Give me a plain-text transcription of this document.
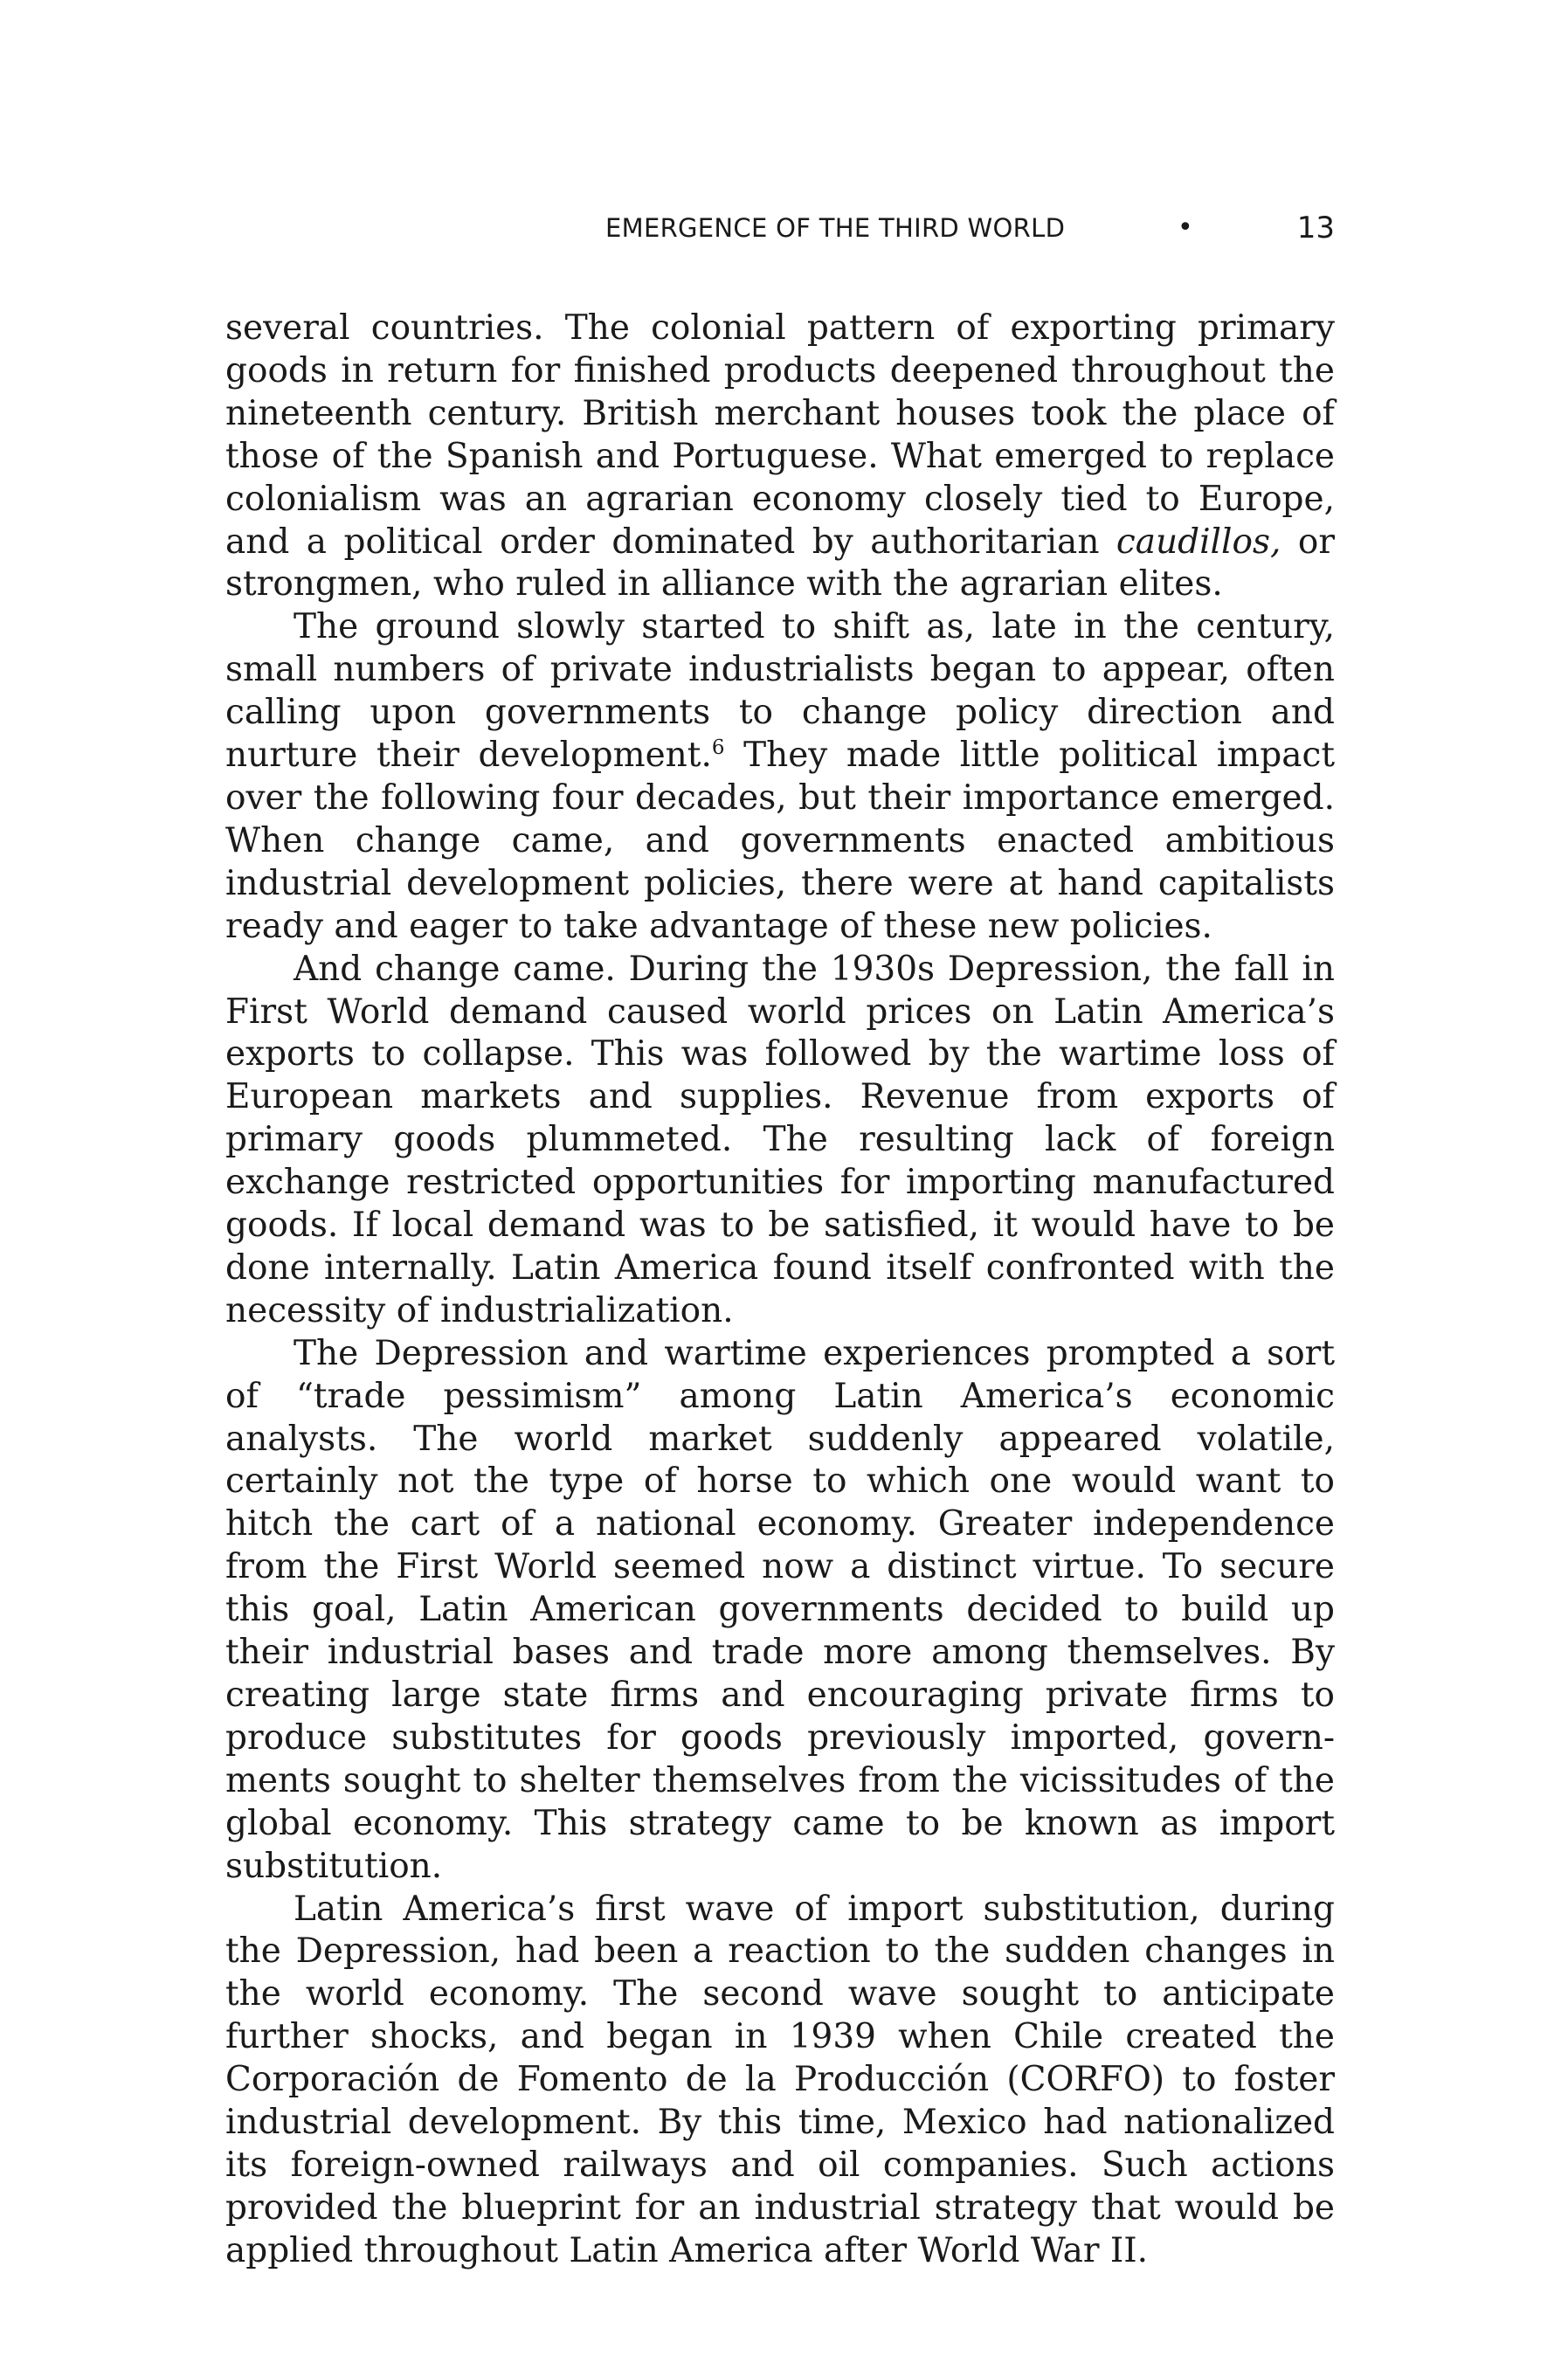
EMERGENCE OF THE THIRD WORLD	•	13

several countries. The colonial pattern of exporting primary goods in return for finished products deepened throughout the nineteenth century. British merchant houses took the place of those of the Spanish and Portuguese. What emerged to replace colonialism was an agrarian economy closely tied to Europe, and a political order dominated by authoritarian caudillos, or strongmen, who ruled in alliance with the agrarian elites.

The ground slowly started to shift as, late in the century, small numbers of private industrialists began to appear, often calling upon governments to change policy direction and nurture their development.$^6$ They made little political impact over the following four decades, but their importance emerged. When change came, and governments enacted ambitious industrial development policies, there were at hand capitalists ready and eager to take advantage of these new policies.

And change came. During the 1930s Depression, the fall in First World demand caused world prices on Latin America’s exports to collapse. This was followed by the wartime loss of European markets and supplies. Revenue from exports of primary goods plummeted. The resulting lack of foreign exchange restricted opportunities for importing manufactured goods. If local demand was to be satisfied, it would have to be done internally. Latin America found itself confronted with the necessity of industrialization.

The Depression and wartime experiences prompted a sort of “trade pessimism” among Latin America’s economic analysts. The world market suddenly appeared volatile, certainly not the type of horse to which one would want to hitch the cart of a national economy. Greater independence from the First World seemed now a distinct virtue. To secure this goal, Latin American governments decided to build up their industrial bases and trade more among themselves. By creating large state firms and encouraging private firms to produce substitutes for goods previously imported, governments sought to shelter themselves from the vicissitudes of the global economy. This strategy came to be known as import substitution.

Latin America’s first wave of import substitution, during the Depression, had been a reaction to the sudden changes in the world economy. The second wave sought to anticipate further shocks, and began in 1939 when Chile created the Corporación de Fomento de la Producción (CORFO) to foster industrial development. By this time, Mexico had nationalized its foreign-owned railways and oil companies. Such actions provided the blueprint for an industrial strategy that would be applied throughout Latin America after World War II.
